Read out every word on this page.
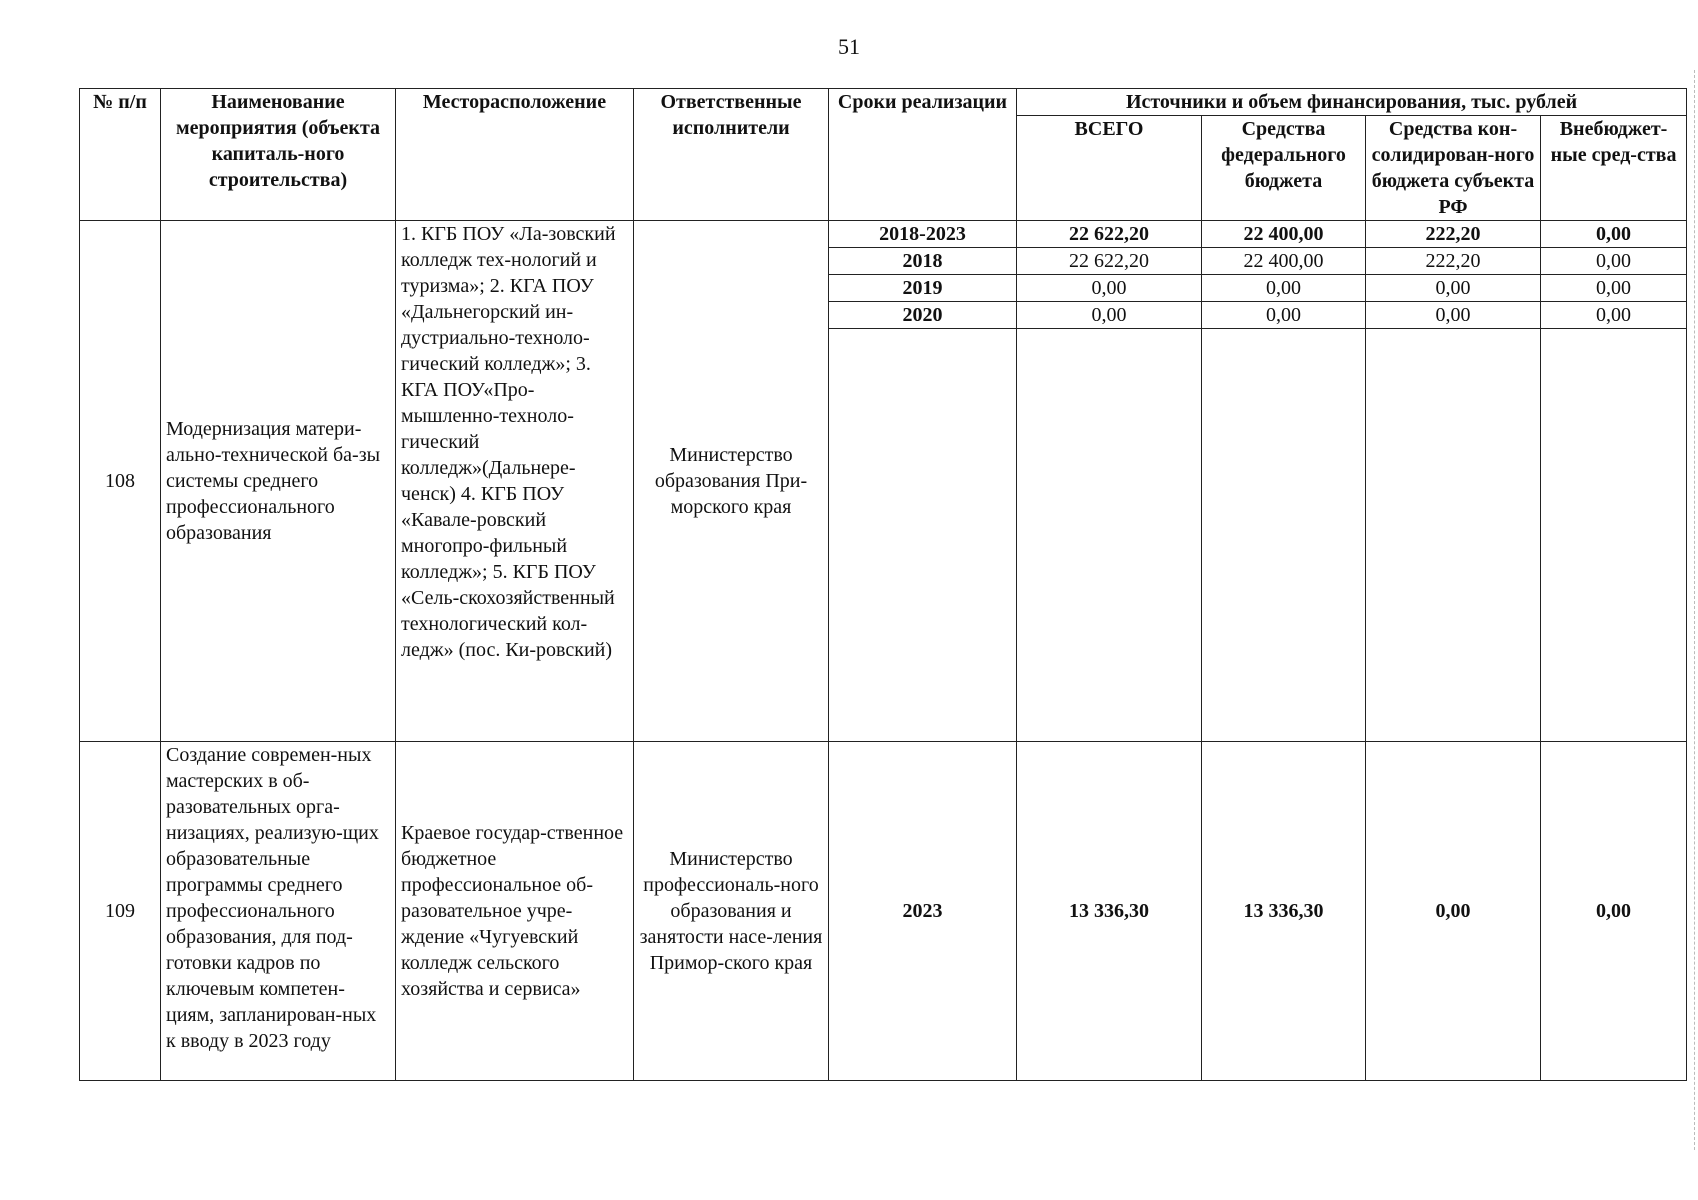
51
№ п/п	Наименование мероприятия (объекта капиталь-ного строительства)	Месторасположение	Ответственные исполнители	Сроки реализации	Источники и объем финансирования, тыс. рублей			
					ВСЕГО	Средства федерального бюджета	Средства кон-солидирован-ного бюджета субъекта РФ	Внебюджет-ные сред-ства
108	Модернизация матери-ально-технической ба-зы системы среднего профессионального образования	1. КГБ ПОУ «Ла-зовский колледж тех-нологий и туризма»; 2. КГА ПОУ «Дальнегорский ин-дустриально-техноло-гический колледж»; 3. КГА ПОУ«Про-мышленно-техноло-гический колледж»(Дальнере-ченск) 4. КГБ ПОУ «Кавале-ровский многопро-фильный колледж»; 5. КГБ ПОУ «Сель-скохозяйственный технологический кол-ледж» (пос. Ки-ровский)	Министерство образования При-морского края	2018-2023	22 622,20	22 400,00	222,20	0,00
				2018	22 622,20	22 400,00	222,20	0,00
				2019	0,00	0,00	0,00	0,00
				2020	0,00	0,00	0,00	0,00

109	Создание современ-ных мастерских в об-разовательных орга-низациях, реализую-щих образовательные программы среднего профессионального образования, для под-готовки кадров по ключевым компетен-циям, запланирован-ных к вводу в 2023 году	Краевое государ-ственное бюджетное профессиональное об-разовательное учре-ждение «Чугуевский колледж сельского хозяйства и сервиса»	Министерство профессиональ-ного образования и занятости насе-ления Примор-ского края	2023	13 336,30	13 336,30	0,00	0,00
